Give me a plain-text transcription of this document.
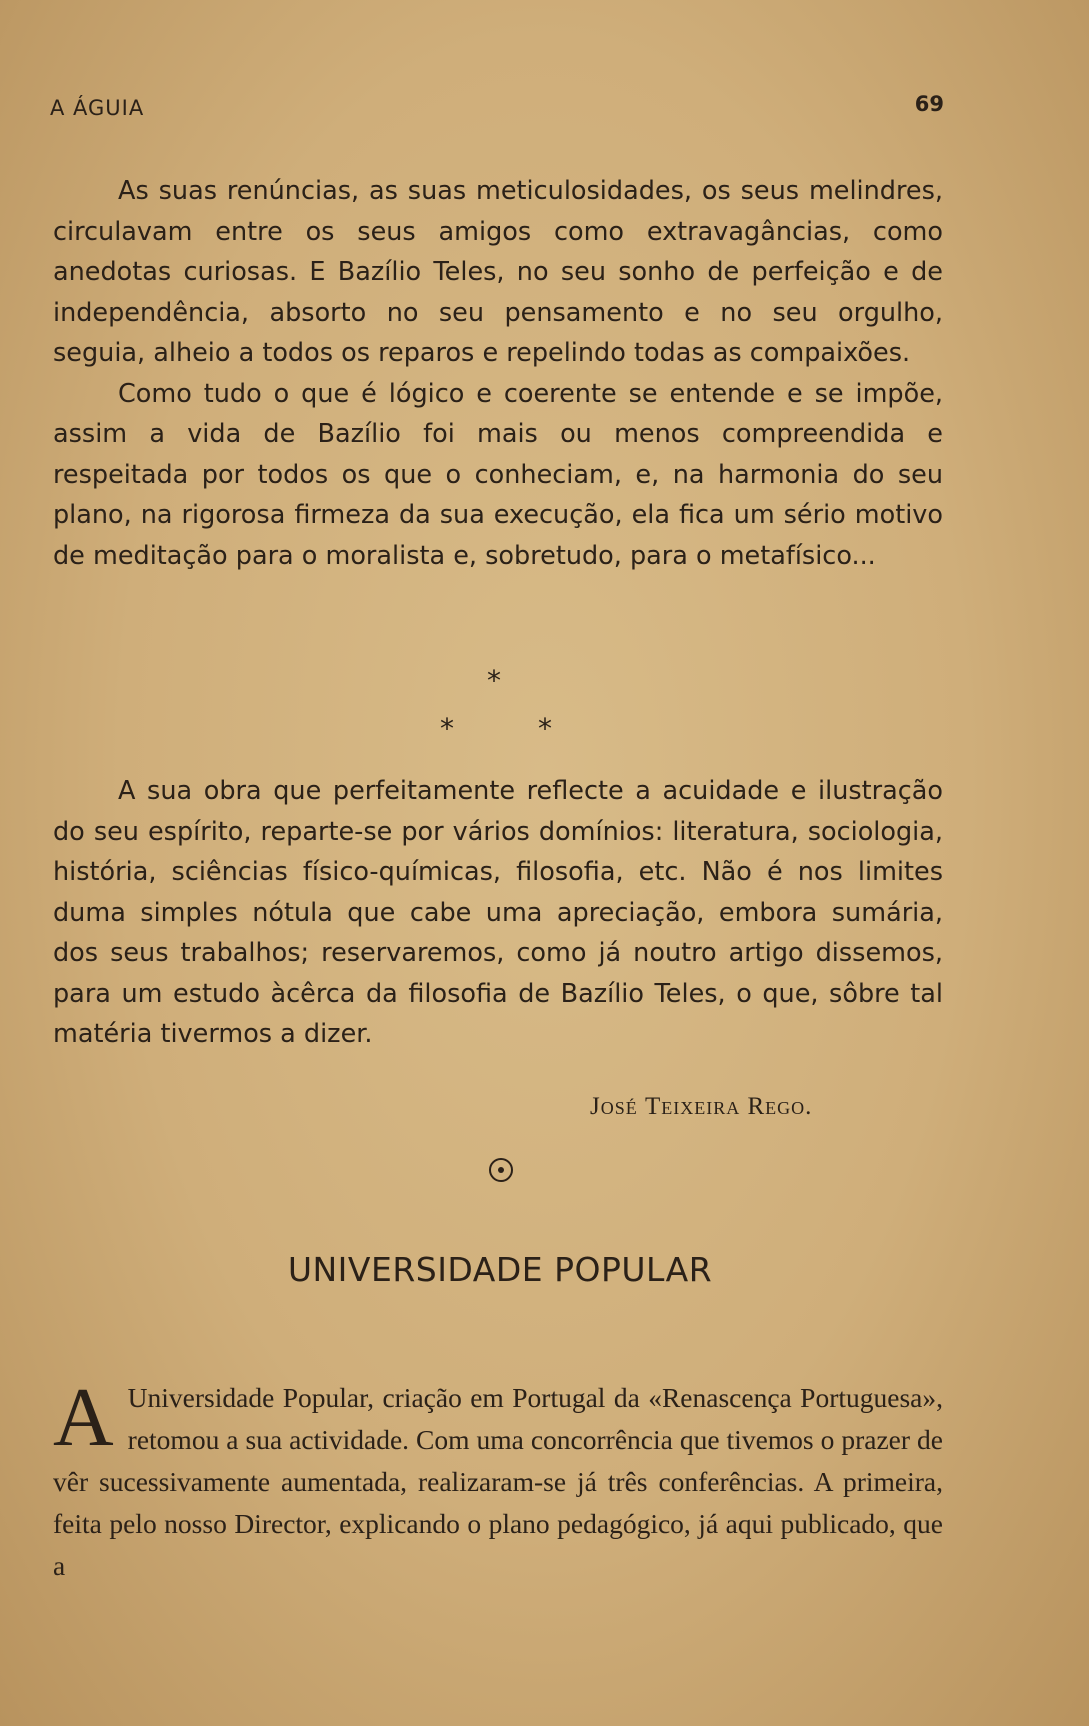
A ÁGUIA	69

As suas renúncias, as suas meticulosidades, os seus melindres, circulavam entre os seus amigos como extravagâncias, como anedotas curiosas. E Bazílio Teles, no seu sonho de perfeição e de independência, absorto no seu pensamento e no seu orgulho, seguia, alheio a todos os reparos e repelindo todas as compaixões.

Como tudo o que é lógico e coerente se entende e se impõe, assim a vida de Bazílio foi mais ou menos compreendida e respeitada por todos os que o conheciam, e, na harmonia do seu plano, na rigorosa firmeza da sua execução, ela fica um sério motivo de meditação para o moralista e, sobretudo, para o metafísico...

*
*	*

A sua obra que perfeitamente reflecte a acuidade e ilustração do seu espírito, reparte-se por vários domínios: literatura, sociologia, história, sciências físico-químicas, filosofia, etc. Não é nos limites duma simples nótula que cabe uma apreciação, embora sumária, dos seus trabalhos; reservaremos, como já noutro artigo dissemos, para um estudo àcêrca da filosofia de Bazílio Teles, o que, sôbre tal matéria tivermos a dizer.

José Teixeira Rego.
UNIVERSIDADE POPULAR
A Universidade Popular, criação em Portugal da «Renascença Portuguesa», retomou a sua actividade. Com uma concorrência que tivemos o prazer de vêr sucessivamente aumentada, realizaram-se já três conferências. A primeira, feita pelo nosso Director, explicando o plano pedagógico, já aqui publicado, que a
